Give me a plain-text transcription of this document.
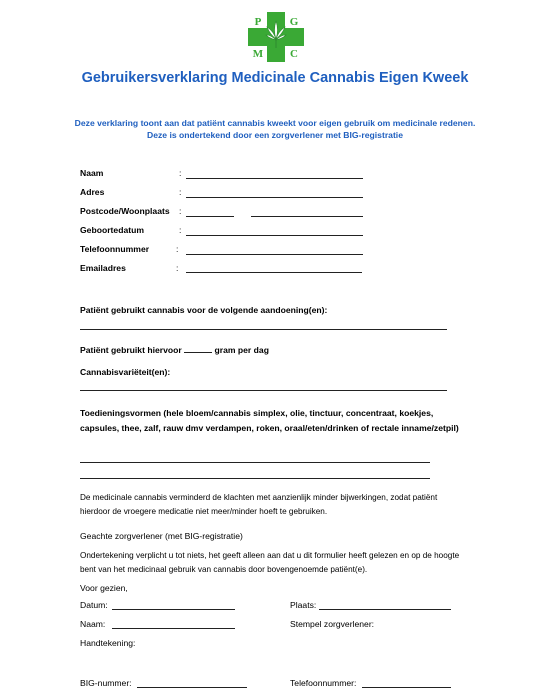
P	G
M C
Gebruikersverklaring Medicinale Cannabis Eigen Kweek
Deze verklaring toont aan dat patiënt cannabis kweekt voor eigen gebruik om medicinale redenen. Deze is ondertekend door een zorgverlener met BIG-registratie
Naam	:
Adres	:
Postcode/Woonplaats :
Geboortedatum	:
Telefoonnummer	:
Emailadres	:
Patiënt gebruikt cannabis voor de volgende aandoening(en):
Patiënt gebruikt hiervoor	gram per dag
Cannabisvariëteit(en):
Toedieningsvormen (hele bloem/cannabis simplex, olie, tinctuur, concentraat, koekjes, capsules, thee, zalf, rauw dmv verdampen, roken, oraal/eten/drinken of rectale inname/zetpil)
De medicinale cannabis verminderd de klachten met aanzienlijk minder bijwerkingen, zodat patiënt hierdoor de vroegere medicatie niet meer/minder hoeft te gebruiken.
Geachte zorgverlener (met BIG-registratie)
Ondertekening verplicht u tot niets, het geeft alleen aan dat u dit formulier heeft gelezen en op de hoogte bent van het medicinaal gebruik van cannabis door bovengenoemde patiënt(e).
Voor gezien,
Datum:	Plaats:
Naam:	Stempel zorgverlener:
Handtekening:
BIG-nummer:	Telefoonnummer:
